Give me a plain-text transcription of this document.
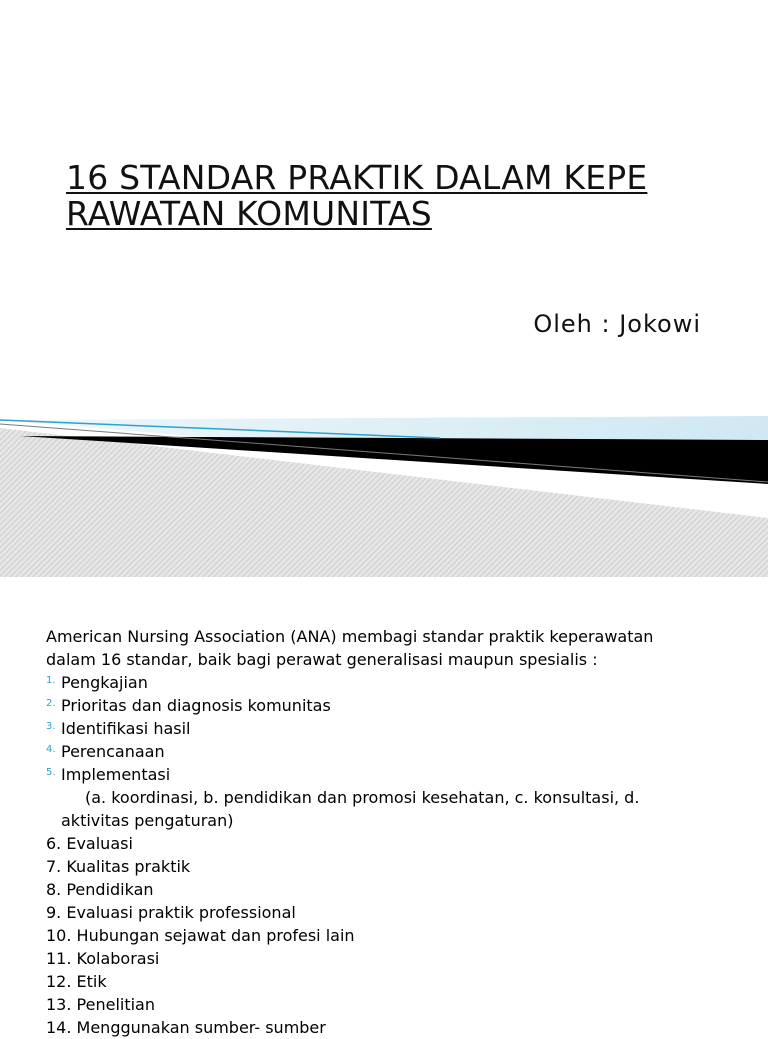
16 STANDAR PRAKTIK DALAM KEPE
RAWATAN KOMUNITAS

Oleh : Jokowi

American Nursing Association (ANA) membagi standar praktik keperawatan

dalam 16 standar, baik bagi perawat generalisasi maupun spesialis :

1. Pengkajian
2. Prioritas dan diagnosis komunitas
3. Identifikasi hasil
4. Perencanaan
5. Implementasi
(a. koordinasi, b. pendidikan dan promosi kesehatan, c. konsultasi, d.
aktivitas pengaturan)

6. Evaluasi

7. Kualitas praktik

8. Pendidikan

9. Evaluasi praktik professional

10. Hubungan sejawat dan profesi lain

11. Kolaborasi

12. Etik

13. Penelitian

14. Menggunakan sumber- sumber
